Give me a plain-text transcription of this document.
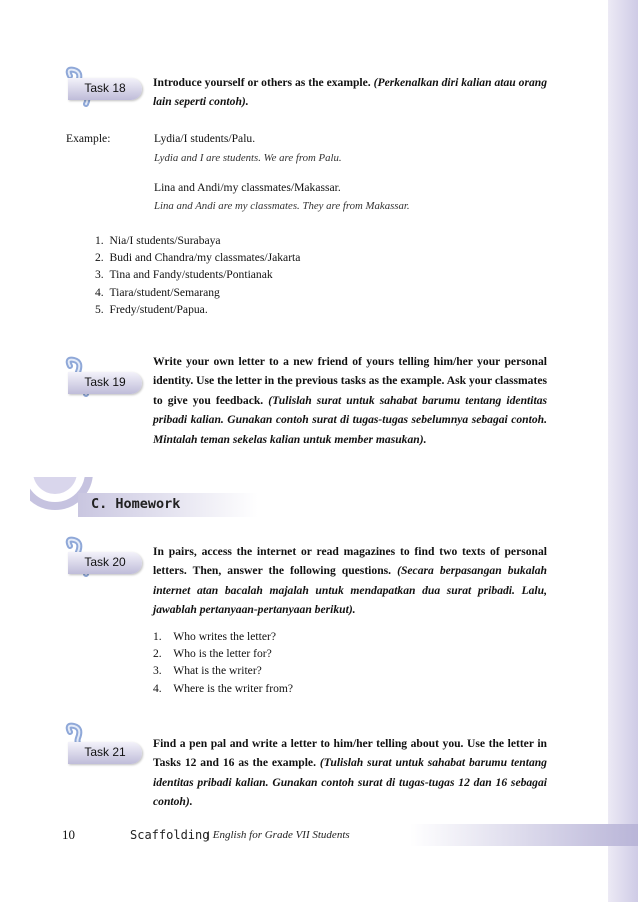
Task 18	Introduce yourself or others as the example. (Perkenalkan diri kalian atau orang lain seperti contoh).
Example:	Lydia/I students/Palu.
Lydia and I are students. We are from Palu.
Lina and Andi/my classmates/Makassar.
Lina and Andi are my classmates. They are from Makassar.
1. Nia/I students/Surabaya
2. Budi and Chandra/my classmates/Jakarta
3. Tina and Fandy/students/Pontianak
4. Tiara/student/Semarang
5. Fredy/student/Papua.
Task 19
Write your own letter to a new friend of yours telling him/her your personal identity. Use the letter in the previous tasks as the example. Ask your classmates to give you feedback. (Tulislah surat untuk sahabat barumu tentang identitas pribadi kalian. Gunakan contoh surat di tugas-tugas sebelumnya sebagai contoh. Mintalah teman sekelas kalian untuk member masukan).
C. Homework
Task 20
In pairs, access the internet or read magazines to find two texts of personal letters. Then, answer the following questions. (Secara berpasangan bukalah internet atan bacalah majalah untuk mendapatkan dua surat pribadi. Lalu, jawablah pertanyaan-pertanyaan berikut).
1. Who writes the letter?
2. Who is the letter for?
3. What is the writer?
4. Where is the writer from?
Task 21
Find a pen pal and write a letter to him/her telling about you. Use the letter in Tasks 12 and 16 as the example. (Tulislah surat untuk sahabat barumu tentang identitas pribadi kalian. Gunakan contoh surat di tugas-tugas 12 dan 16 sebagai contoh).
10	Scaffolding
| English for Grade VII Students
